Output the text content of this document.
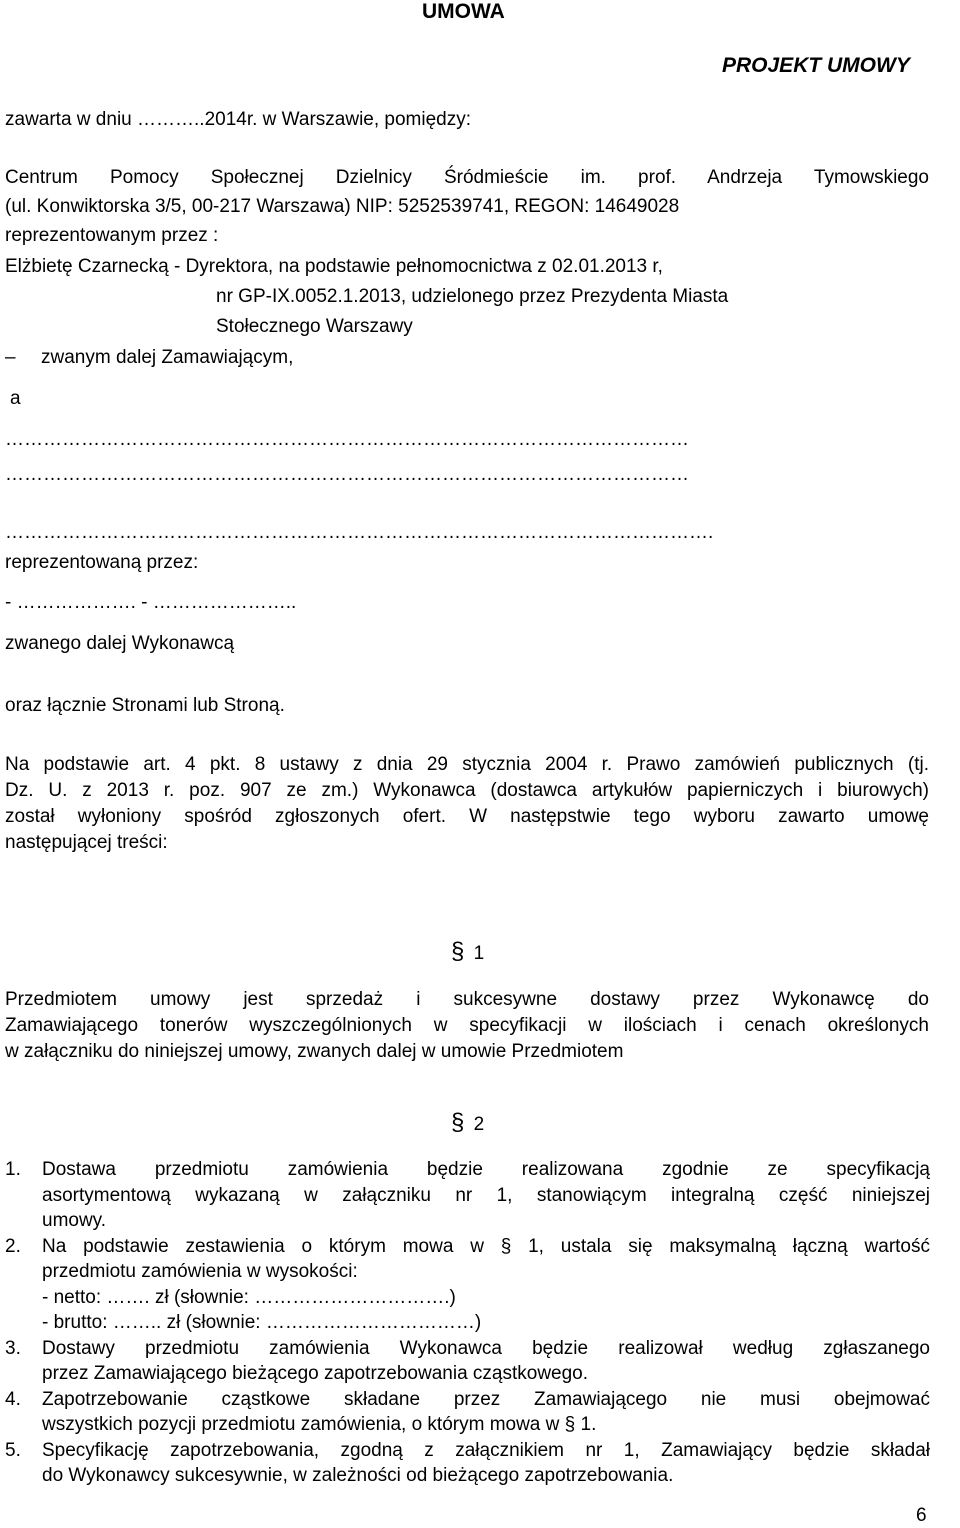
UMOWA
PROJEKT UMOWY
zawarta w dniu ………..2014r. w Warszawie, pomiędzy:
Centrum Pomocy Społecznej Dzielnicy Śródmieście im. prof. Andrzeja Tymowskiego
(ul. Konwiktorska 3/5, 00-217 Warszawa) NIP: 5252539741, REGON: 14649028
reprezentowanym przez :
Elżbietę Czarnecką - Dyrektora, na podstawie pełnomocnictwa z 02.01.2013 r,
nr GP-IX.0052.1.2013, udzielonego przez Prezydenta Miasta
Stołecznego Warszawy
– zwanym dalej Zamawiającym,
a
………………………………………………………………………………………………
………………………………………………………………………………………………
………………………………………………………………………………………………….
reprezentowaną przez:
- ………………. - …………………..
zwanego dalej Wykonawcą
oraz łącznie Stronami lub Stroną.
Na podstawie art. 4 pkt. 8 ustawy z dnia 29 stycznia 2004 r. Prawo zamówień publicznych (tj.
Dz. U. z 2013 r. poz. 907 ze zm.) Wykonawca (dostawca artykułów papierniczych i biurowych)
został wyłoniony spośród zgłoszonych ofert. W następstwie tego wyboru zawarto umowę
następującej treści:
§ 1
Przedmiotem umowy jest sprzedaż i sukcesywne dostawy przez Wykonawcę do
Zamawiającego tonerów wyszczególnionych w specyfikacji w ilościach i cenach określonych
w załączniku do niniejszej umowy, zwanych dalej w umowie Przedmiotem
§ 2
1. Dostawa przedmiotu zamówienia będzie realizowana zgodnie ze specyfikacją
asortymentową wykazaną w załączniku nr 1, stanowiącym integralną część niniejszej
umowy.
2. Na podstawie zestawienia o którym mowa w § 1, ustala się maksymalną łączną wartość
przedmiotu zamówienia w wysokości:
- netto: ……. zł (słownie: ………………………….)
- brutto: …….. zł (słownie: ……………………………)
3. Dostawy przedmiotu zamówienia Wykonawca będzie realizował według zgłaszanego
przez Zamawiającego bieżącego zapotrzebowania cząstkowego.
4. Zapotrzebowanie cząstkowe składane przez Zamawiającego nie musi obejmować
wszystkich pozycji przedmiotu zamówienia, o którym mowa w § 1.
5. Specyfikację zapotrzebowania, zgodną z załącznikiem nr 1, Zamawiający będzie składał
do Wykonawcy sukcesywnie, w zależności od bieżącego zapotrzebowania.
6
